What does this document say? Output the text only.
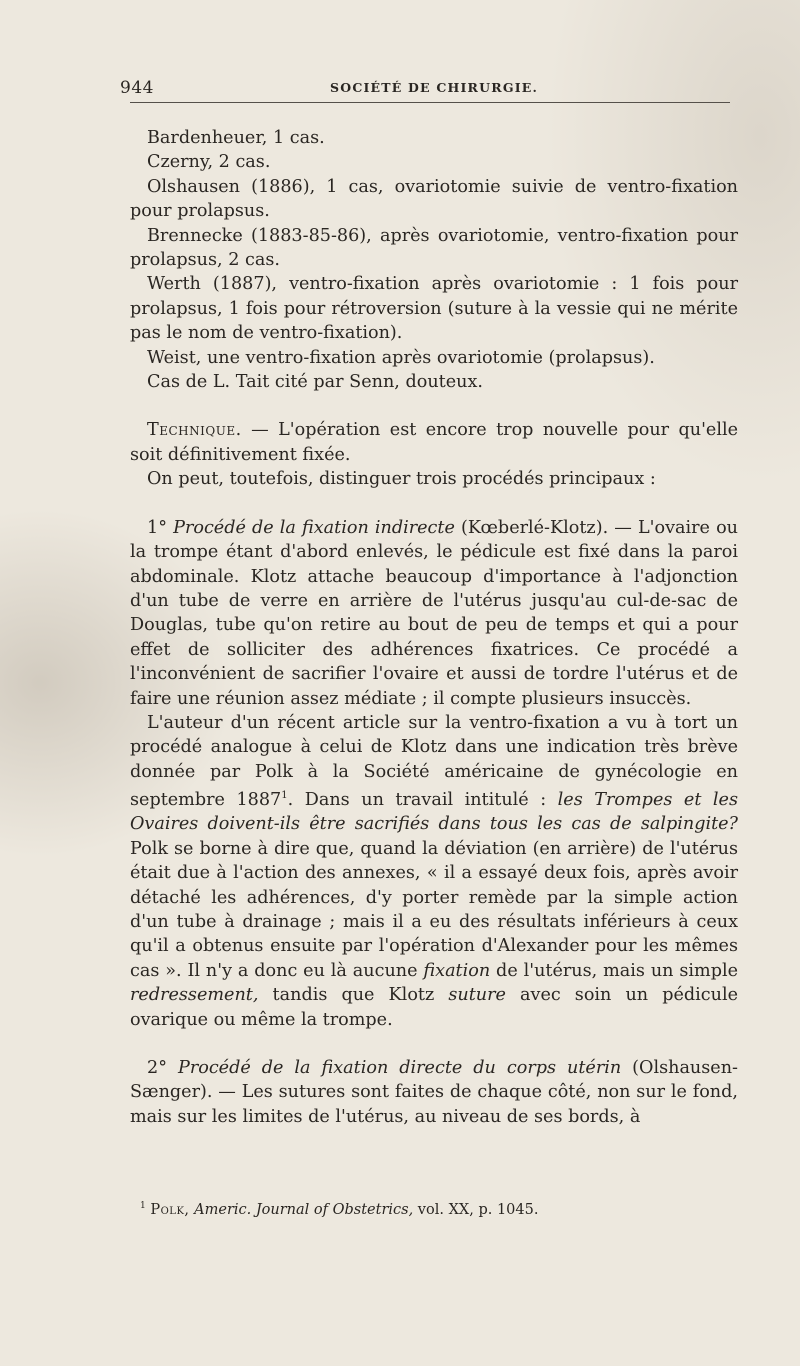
944	SOCIÉTÉ DE CHIRURGIE.

Bardenheuer, 1 cas.

Czerny, 2 cas.

Olshausen (1886), 1 cas, ovariotomie suivie de ventro-fixation pour prolapsus.

Brennecke (1883-85-86), après ovariotomie, ventro-fixation pour prolapsus, 2 cas.

Werth (1887), ventro-fixation après ovariotomie : 1 fois pour prolapsus, 1 fois pour rétroversion (suture à la vessie qui ne mérite pas le nom de ventro-fixation).

Weist, une ventro-fixation après ovariotomie (prolapsus).

Cas de L. Tait cité par Senn, douteux.

Technique. — L'opération est encore trop nouvelle pour qu'elle soit définitivement fixée.

On peut, toutefois, distinguer trois procédés principaux :

1° Procédé de la fixation indirecte (Kœberlé-Klotz). — L'ovaire ou la trompe étant d'abord enlevés, le pédicule est fixé dans la paroi abdominale. Klotz attache beaucoup d'importance à l'adjonction d'un tube de verre en arrière de l'utérus jusqu'au cul-de-sac de Douglas, tube qu'on retire au bout de peu de temps et qui a pour effet de solliciter des adhérences fixatrices. Ce procédé a l'inconvénient de sacrifier l'ovaire et aussi de tordre l'utérus et de faire une réunion assez médiate ; il compte plusieurs insuccès.

L'auteur d'un récent article sur la ventro-fixation a vu à tort un procédé analogue à celui de Klotz dans une indication très brève donnée par Polk à la Société américaine de gynécologie en septembre 1887$^1$. Dans un travail intitulé : les Trompes et les Ovaires doivent-ils être sacrifiés dans tous les cas de salpingite? Polk se borne à dire que, quand la déviation (en arrière) de l'utérus était due à l'action des annexes, « il a essayé deux fois, après avoir détaché les adhérences, d'y porter remède par la simple action d'un tube à drainage ; mais il a eu des résultats inférieurs à ceux qu'il a obtenus ensuite par l'opération d'Alexander pour les mêmes cas ». Il n'y a donc eu là aucune fixation de l'utérus, mais un simple redressement, tandis que Klotz suture avec soin un pédicule ovarique ou même la trompe.

2° Procédé de la fixation directe du corps utérin (Olshausen-Sænger). — Les sutures sont faites de chaque côté, non sur le fond, mais sur les limites de l'utérus, au niveau de ses bords, à

$^1$ Polk, Americ. Journal of Obstetrics, vol. XX, p. 1045.
